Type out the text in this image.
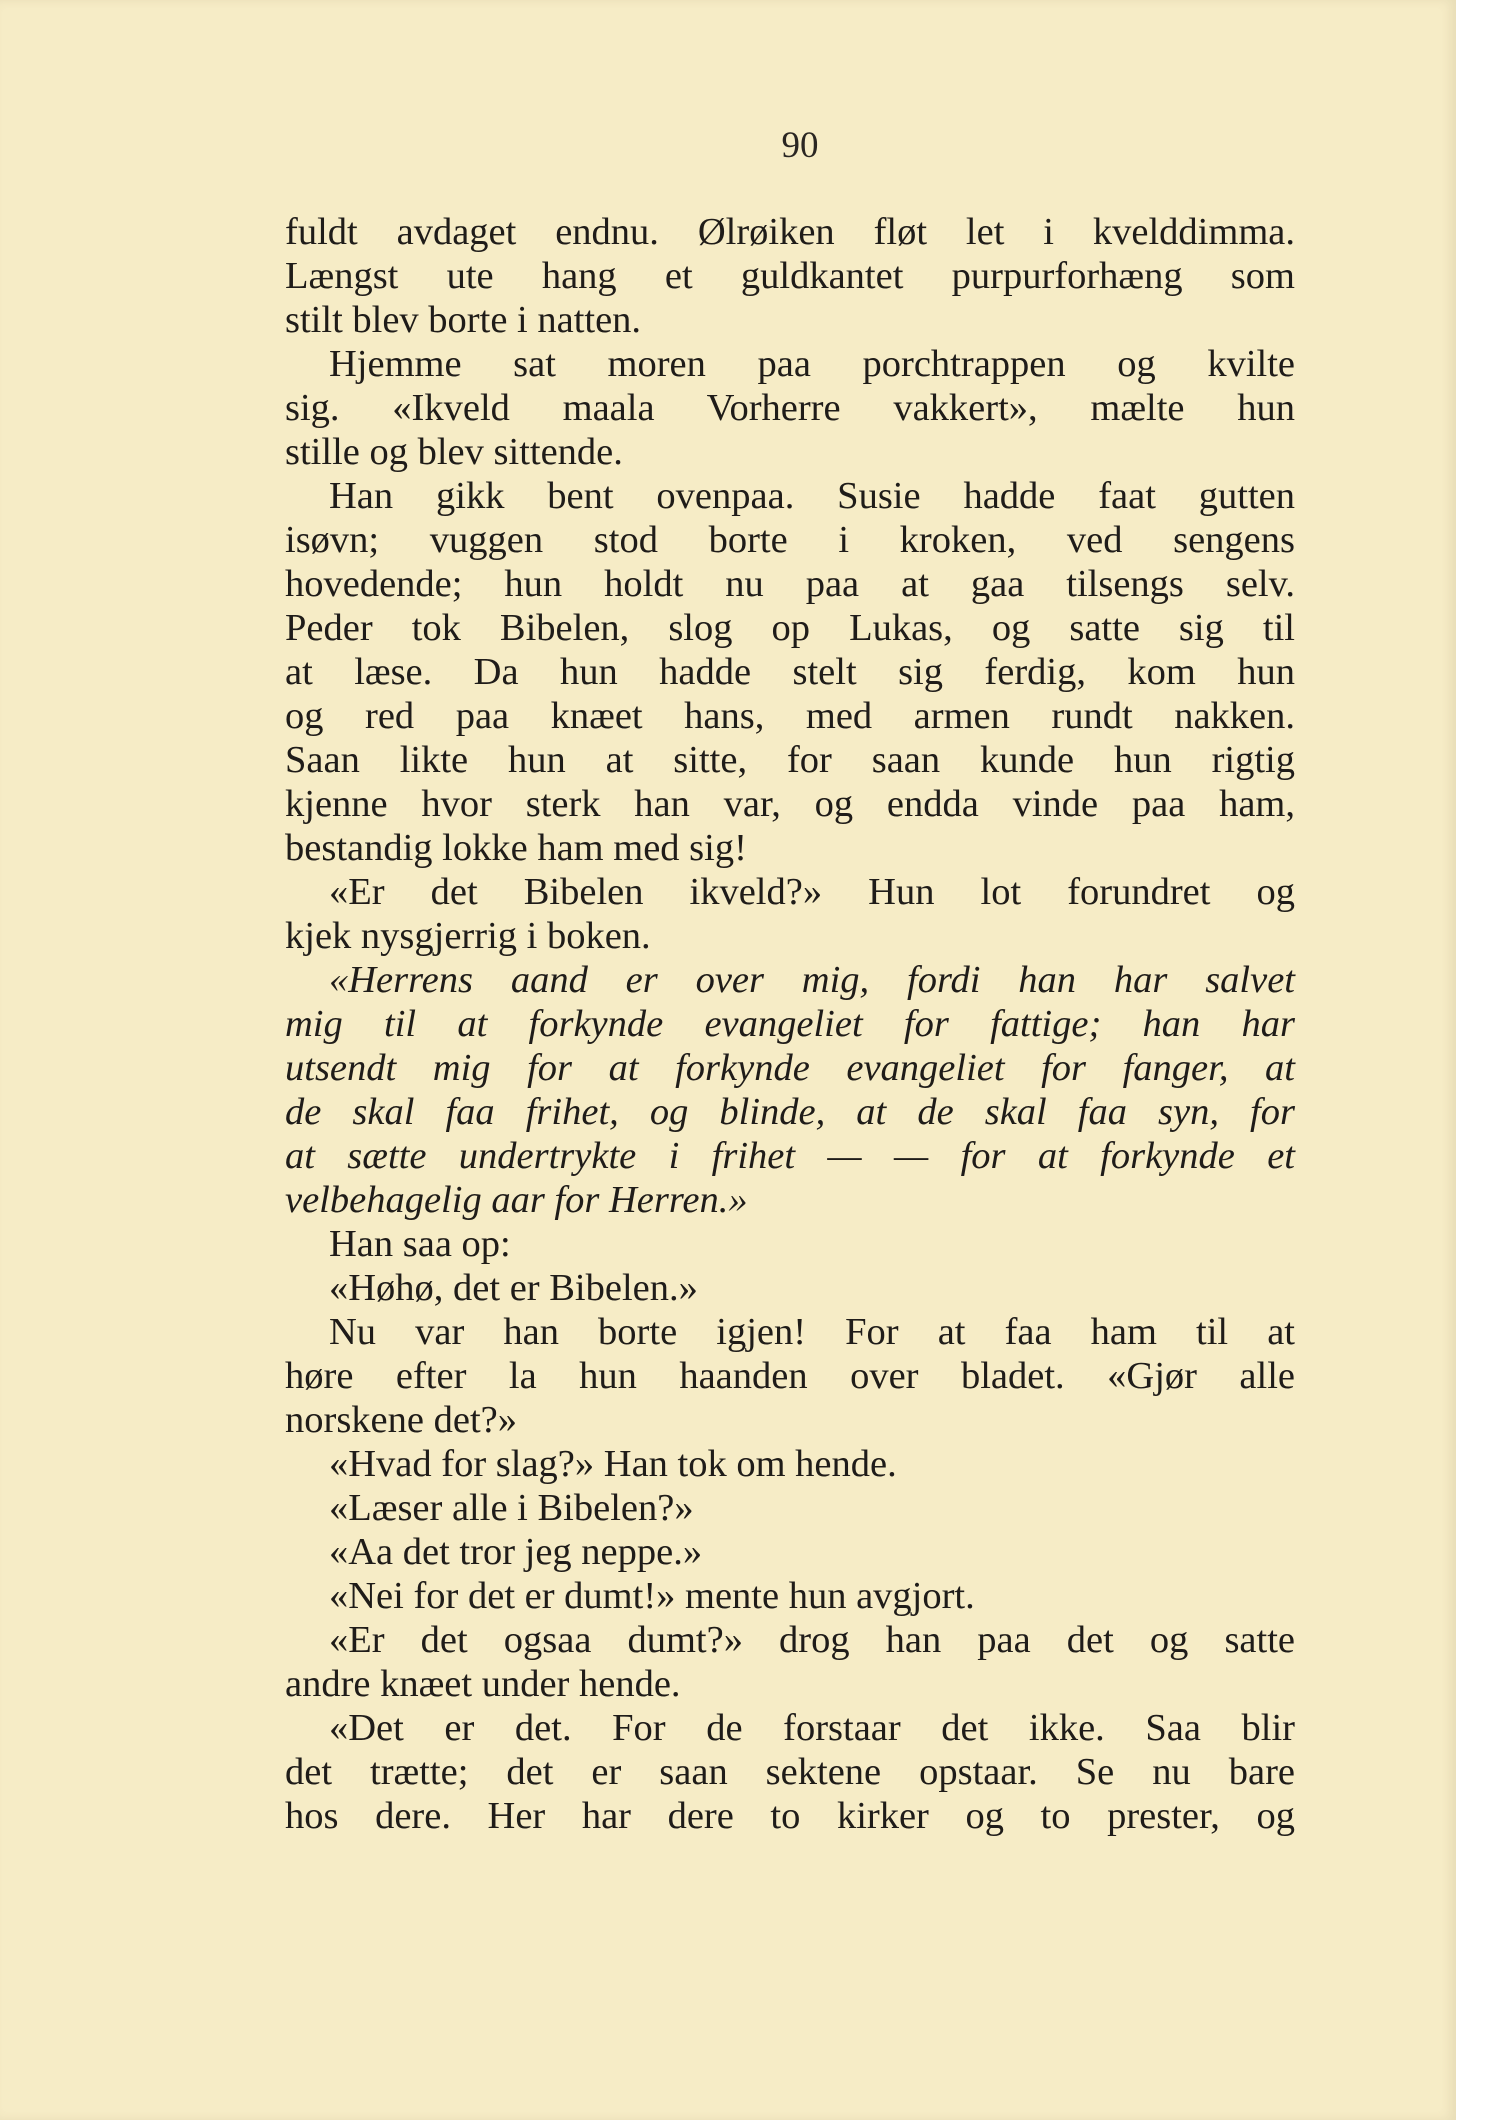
90
fuldt avdaget endnu. Ølrøiken fløt let i kvelddimma.
Længst ute hang et guldkantet purpurforhæng som
stilt blev borte i natten.
Hjemme sat moren paa porchtrappen og kvilte
sig. «Ikveld maala Vorherre vakkert», mælte hun
stille og blev sittende.
Han gikk bent ovenpaa. Susie hadde faat gutten
isøvn; vuggen stod borte i kroken, ved sengens
hovedende; hun holdt nu paa at gaa tilsengs selv.
Peder tok Bibelen, slog op Lukas, og satte sig til
at læse. Da hun hadde stelt sig ferdig, kom hun
og red paa knæet hans, med armen rundt nakken.
Saan likte hun at sitte, for saan kunde hun rigtig
kjenne hvor sterk han var, og endda vinde paa ham,
bestandig lokke ham med sig!
«Er det Bibelen ikveld?» Hun lot forundret og
kjek nysgjerrig i boken.
«Herrens aand er over mig, fordi han har salvet
mig til at forkynde evangeliet for fattige; han har
utsendt mig for at forkynde evangeliet for fanger, at
de skal faa frihet, og blinde, at de skal faa syn, for
at sætte undertrykte i frihet — — for at forkynde et
velbehagelig aar for Herren.»
Han saa op:
«Høhø, det er Bibelen.»
Nu var han borte igjen! For at faa ham til at
høre efter la hun haanden over bladet. «Gjør alle
norskene det?»
«Hvad for slag?» Han tok om hende.
«Læser alle i Bibelen?»
«Aa det tror jeg neppe.»
«Nei for det er dumt!» mente hun avgjort.
«Er det ogsaa dumt?» drog han paa det og satte
andre knæet under hende.
«Det er det. For de forstaar det ikke. Saa blir
det trætte; det er saan sektene opstaar. Se nu bare
hos dere. Her har dere to kirker og to prester, og
